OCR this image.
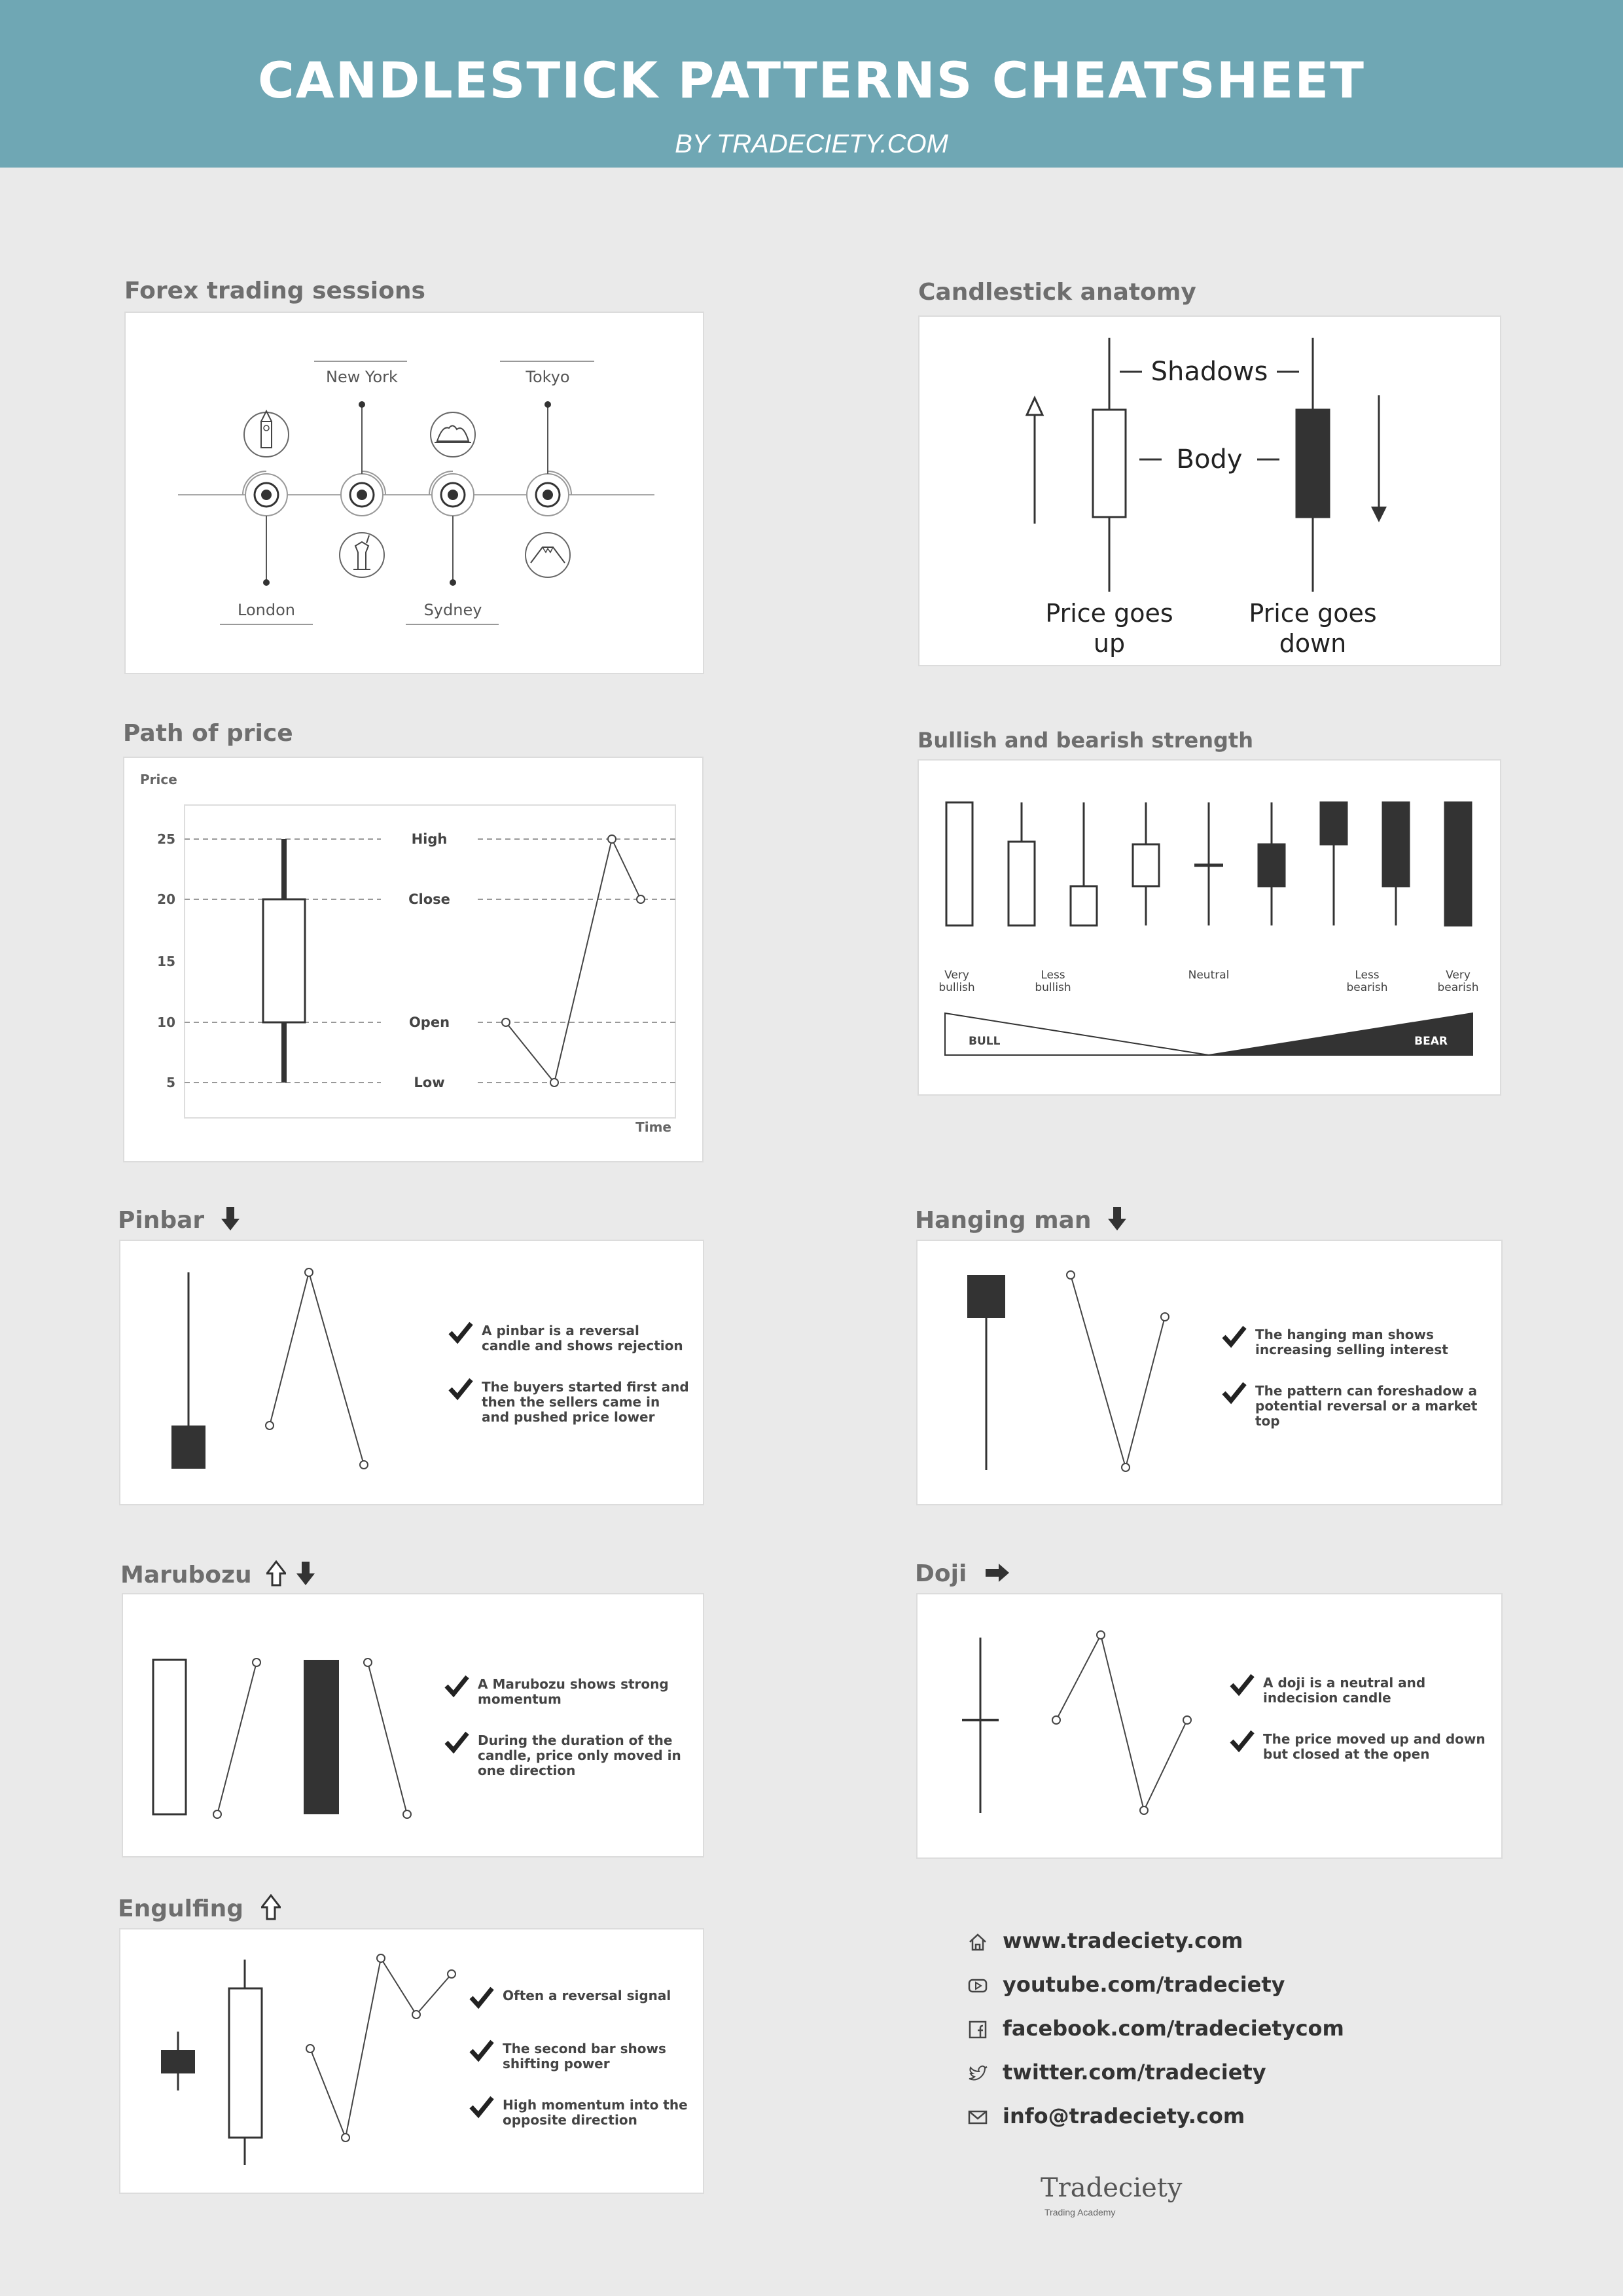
CANDLESTICK PATTERNS CHEATSHEET
BY TRADECIETY.COM
Forex trading sessions
New York	Tokyo
London	Sydney
Candlestick anatomy
Shadows
Body
Price goes
up
Price goes
down
Path of price
Price
25
20
15
10
5
High
Close
Open
Low
Time
Bullish and bearish strength
Very bullish
Less bullish
Neutral	Less bearish
Very bearish
BULL	BEAR
Pinbar
A pinbar is a reversal candle and shows rejection
The buyers started first and then the sellers came in and pushed price lower
Hanging man
The hanging man shows increasing selling interest
The pattern can foreshadow a potential reversal or a market top
Marubozu
A Marubozu shows strong momentum
During the duration of the candle, price only moved in one direction
Doji
A doji is a neutral and indecision candle
The price moved up and down but closed at the open
Engulfing
Often a reversal signal
The second bar shows shifting power
High momentum into the opposite direction
www.tradeciety.com
youtube.com/tradeciety
facebook.com/tradecietycom
twitter.com/tradeciety
info@tradeciety.com
Tradeciety
Trading Academy
